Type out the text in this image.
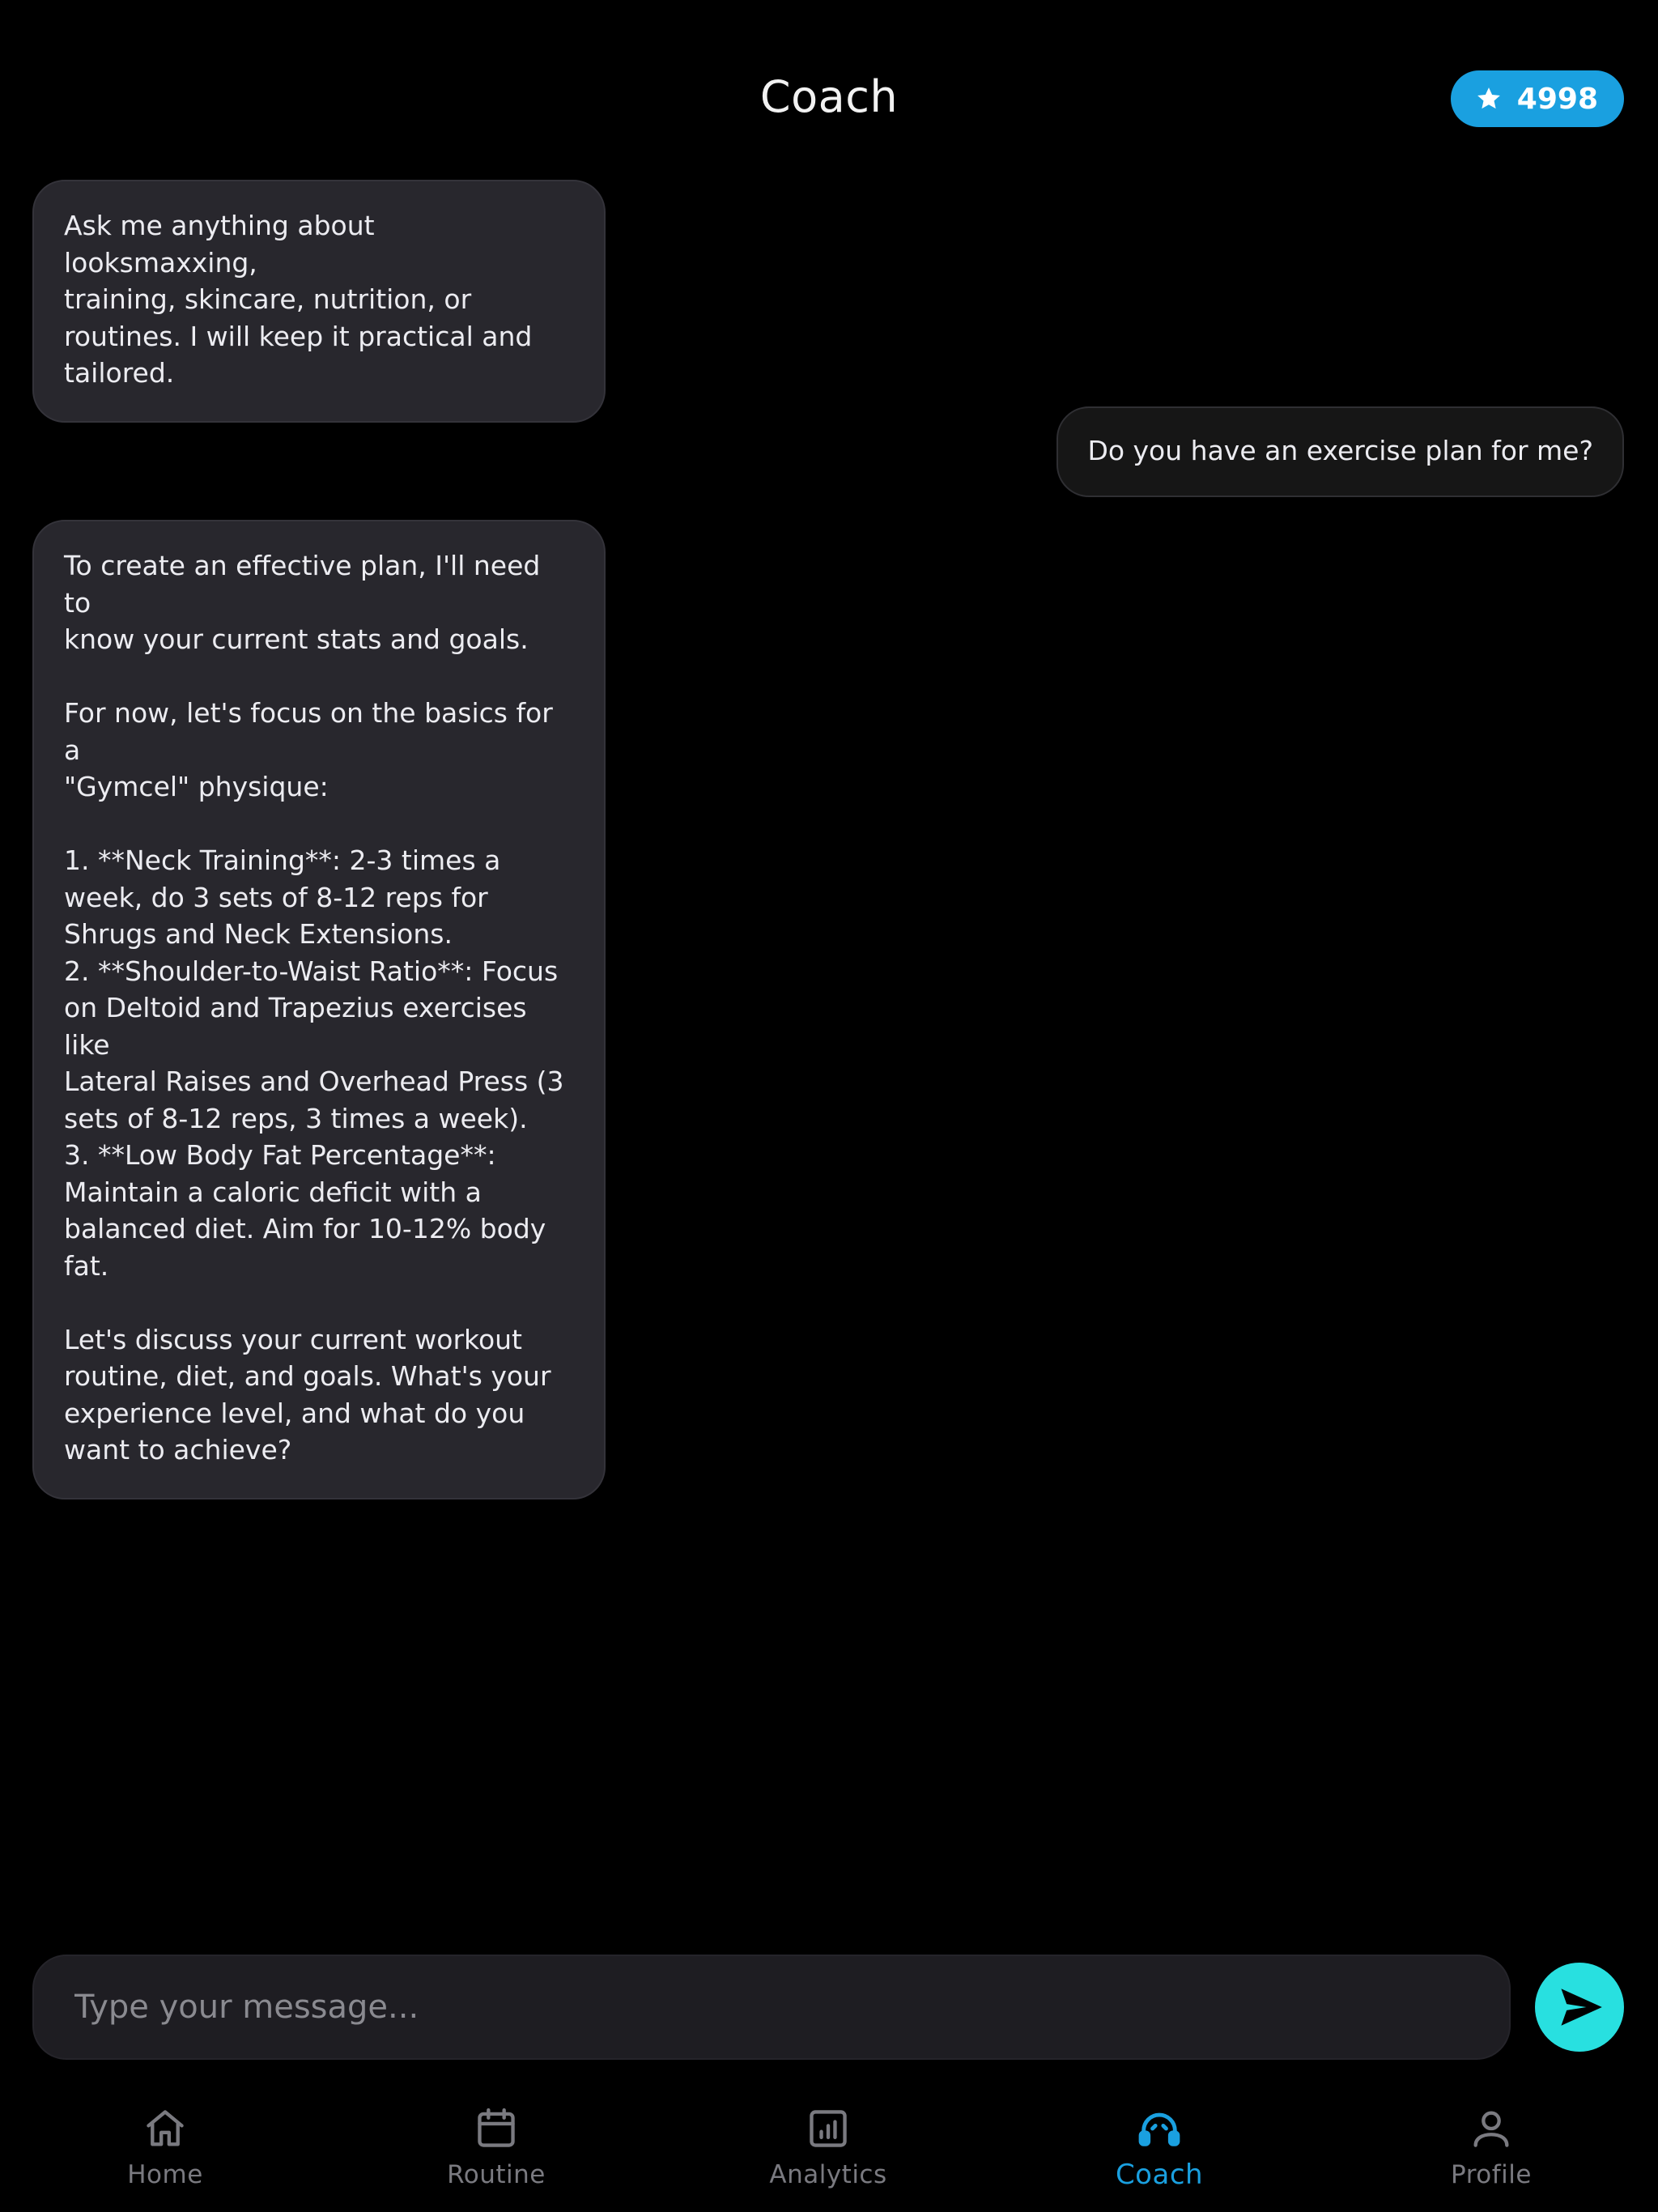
Coach	4998
Ask me anything about looksmaxxing,
training, skincare, nutrition, or
routines. I will keep it practical and
tailored.
Do you have an exercise plan for me?
To create an effective plan, I'll need to
know your current stats and goals.

For now, let's focus on the basics for a
"Gymcel" physique:

1. **Neck Training**: 2-3 times a
week, do 3 sets of 8-12 reps for
Shrugs and Neck Extensions.
2. **Shoulder-to-Waist Ratio**: Focus
on Deltoid and Trapezius exercises like
Lateral Raises and Overhead Press (3
sets of 8-12 reps, 3 times a week).
3. **Low Body Fat Percentage**:
Maintain a caloric deficit with a
balanced diet. Aim for 10-12% body
fat.

Let's discuss your current workout
routine, diet, and goals. What's your
experience level, and what do you
want to achieve?
Type your message...
Home	Routine	Analytics	Coach	Profile
